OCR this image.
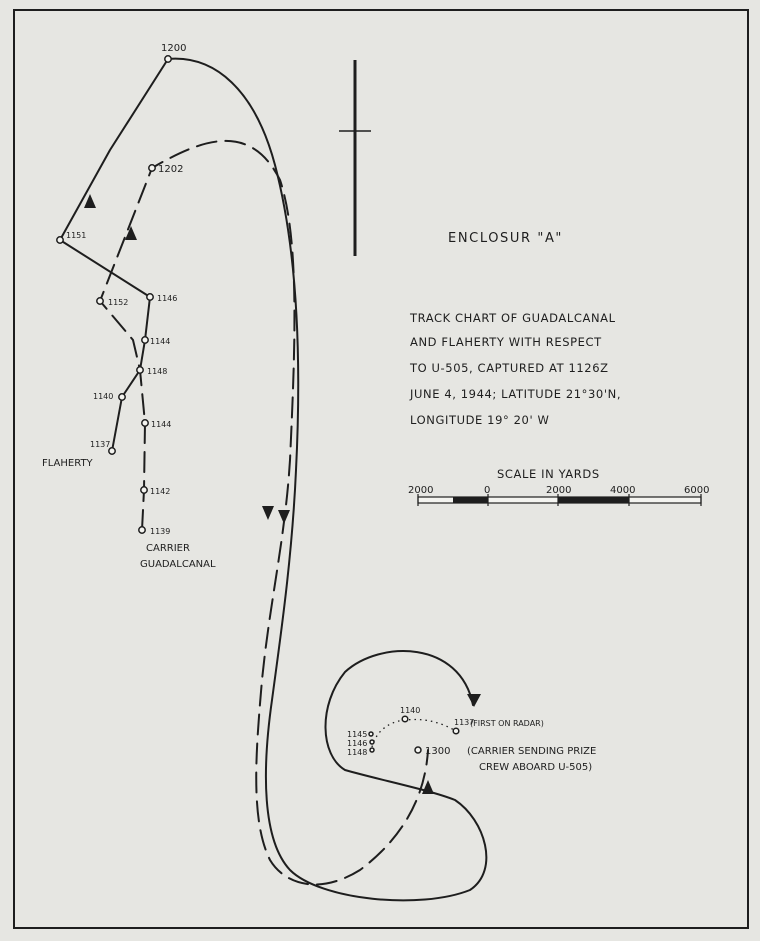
ENCLOSUR "A"
TRACK CHART OF GUADALCANAL
AND FLAHERTY WITH RESPECT
TO U-505, CAPTURED AT 1126Z
JUNE 4, 1944; LATITUDE 21°30'N,
LONGITUDE 19° 20' W
SCALE IN YARDS
2000	0	2000	4000	6000
1137
1140
1148
1144
1146
1151
1200
FLAHERTY
1139
1142
1144
1152
1202
CARRIER
GUADALCANAL
1137
(FIRST ON RADAR)
1140
1145
1146
1148	1300 (CARRIER SENDING PRIZE
CREW ABOARD U-505)
